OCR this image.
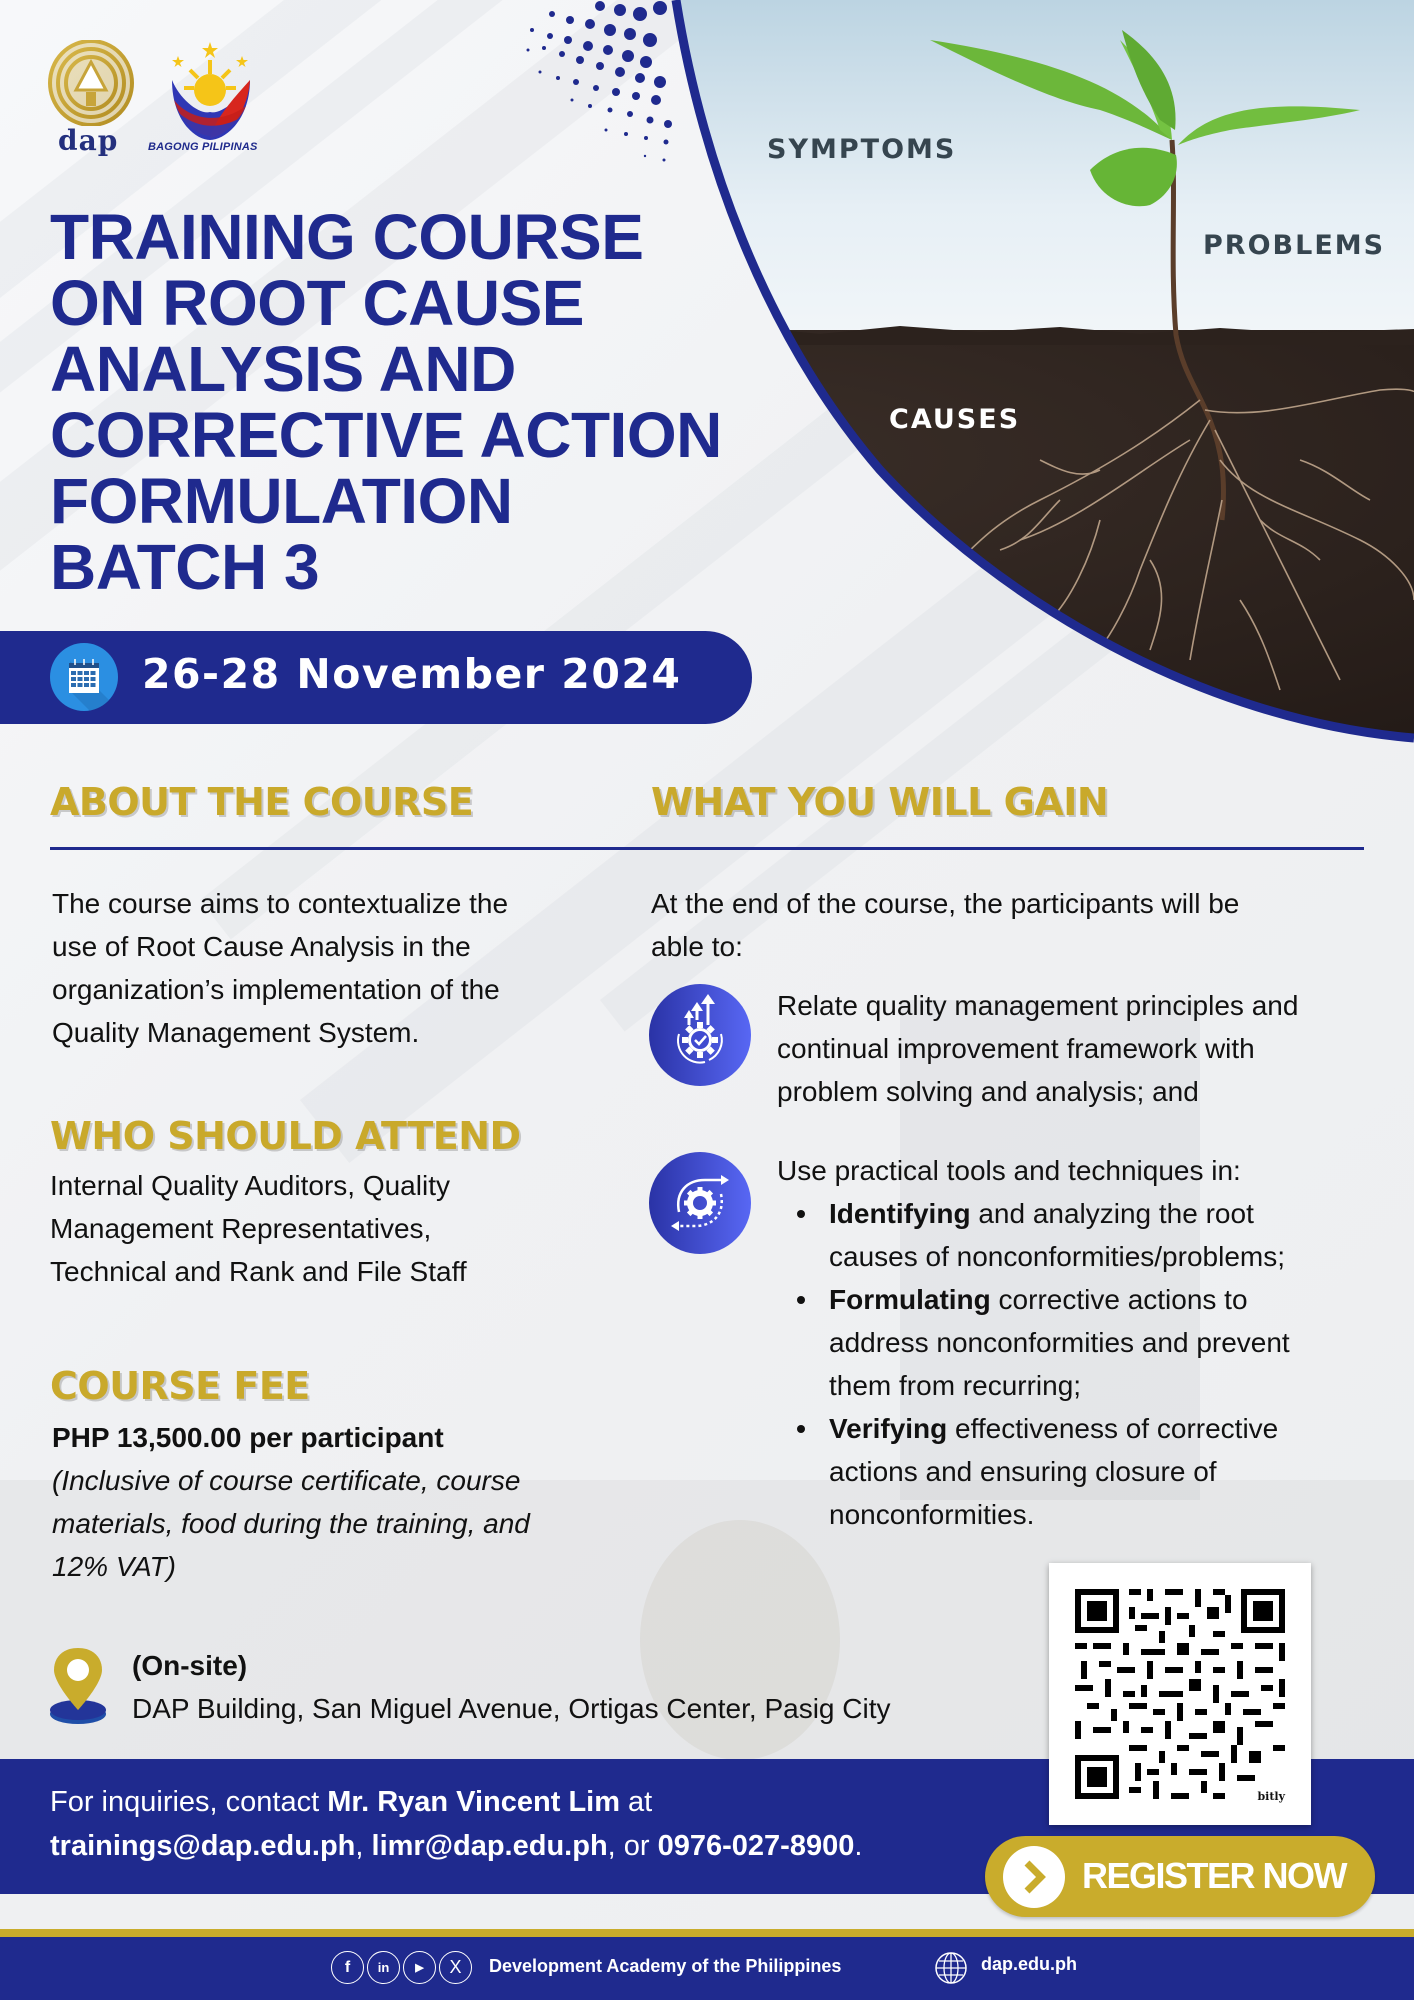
SYMPTOMS
PROBLEMS
CAUSES
dap	BAGONG PILIPINAS
TRAINING COURSE
ON ROOT CAUSE
ANALYSIS AND
CORRECTIVE ACTION
FORMULATION
BATCH 3
26-28 November 2024
ABOUT THE COURSE	WHAT YOU WILL GAIN
The course aims to contextualize the
use of Root Cause Analysis in the
organization’s implementation of the
Quality Management System.
WHO SHOULD ATTEND
Internal Quality Auditors, Quality
Management Representatives,
Technical and Rank and File Staff
COURSE FEE
PHP 13,500.00 per participant
(Inclusive of course certificate, course
materials, food during the training, and
12% VAT)
At the end of the course, the participants will be
able to:
Relate quality management principles and
continual improvement framework with
problem solving and analysis; and
Use practical tools and techniques in:
Identifying and analyzing the root
causes of nonconformities/problems;
Formulating corrective actions to
address nonconformities and prevent
them from recurring;
Verifying effectiveness of corrective
actions and ensuring closure of
nonconformities.
(On-site)
DAP Building, San Miguel Avenue, Ortigas Center, Pasig City
For inquiries, contact Mr. Ryan Vincent Lim at
trainings@dap.edu.ph, limr@dap.edu.ph, or 0976-027-8900.
bitly
REGISTER NOW
f	in	▶	X	Development Academy of the Philippines	dap.edu.ph
